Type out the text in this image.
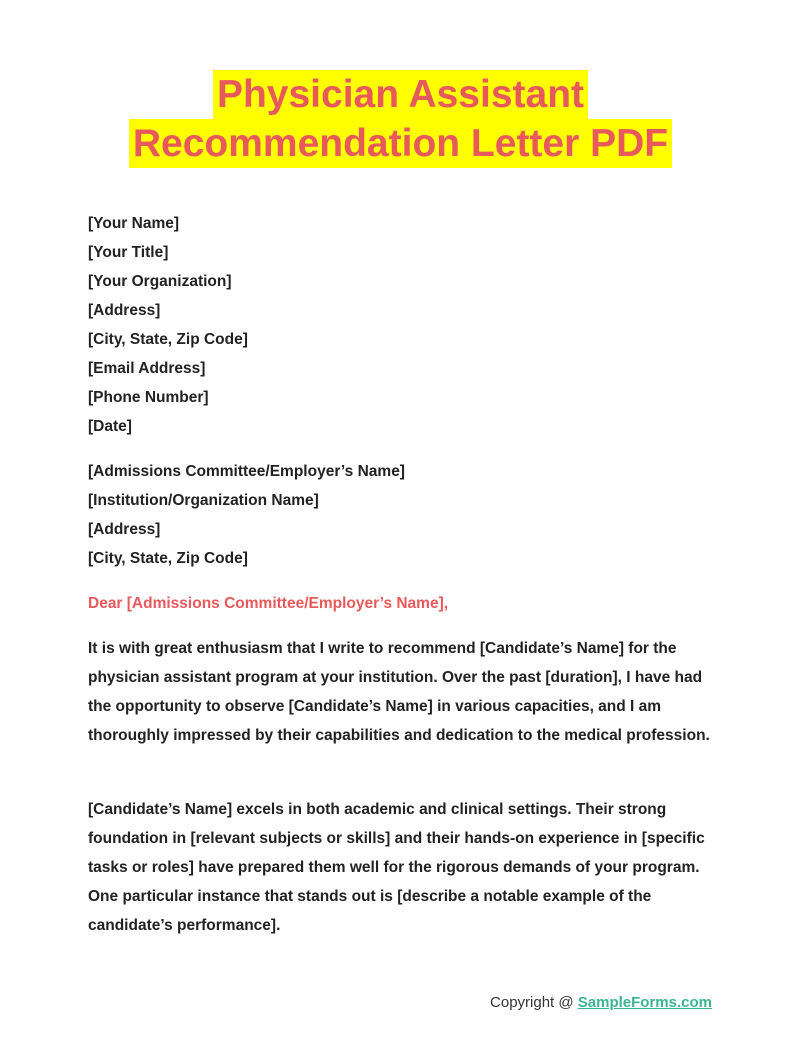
Physician Assistant
Recommendation Letter PDF
[Your Name]
[Your Title]
[Your Organization]
[Address]
[City, State, Zip Code]
[Email Address]
[Phone Number]
[Date]
[Admissions Committee/Employer’s Name]
[Institution/Organization Name]
[Address]
[City, State, Zip Code]
Dear [Admissions Committee/Employer’s Name],

It is with great enthusiasm that I write to recommend [Candidate’s Name] for the physician assistant program at your institution. Over the past [duration], I have had the opportunity to observe [Candidate’s Name] in various capacities, and I am thoroughly impressed by their capabilities and dedication to the medical profession.

[Candidate’s Name] excels in both academic and clinical settings. Their strong foundation in [relevant subjects or skills] and their hands-on experience in [specific tasks or roles] have prepared them well for the rigorous demands of your program. One particular instance that stands out is [describe a notable example of the candidate’s performance].

Copyright @ SampleForms.com
